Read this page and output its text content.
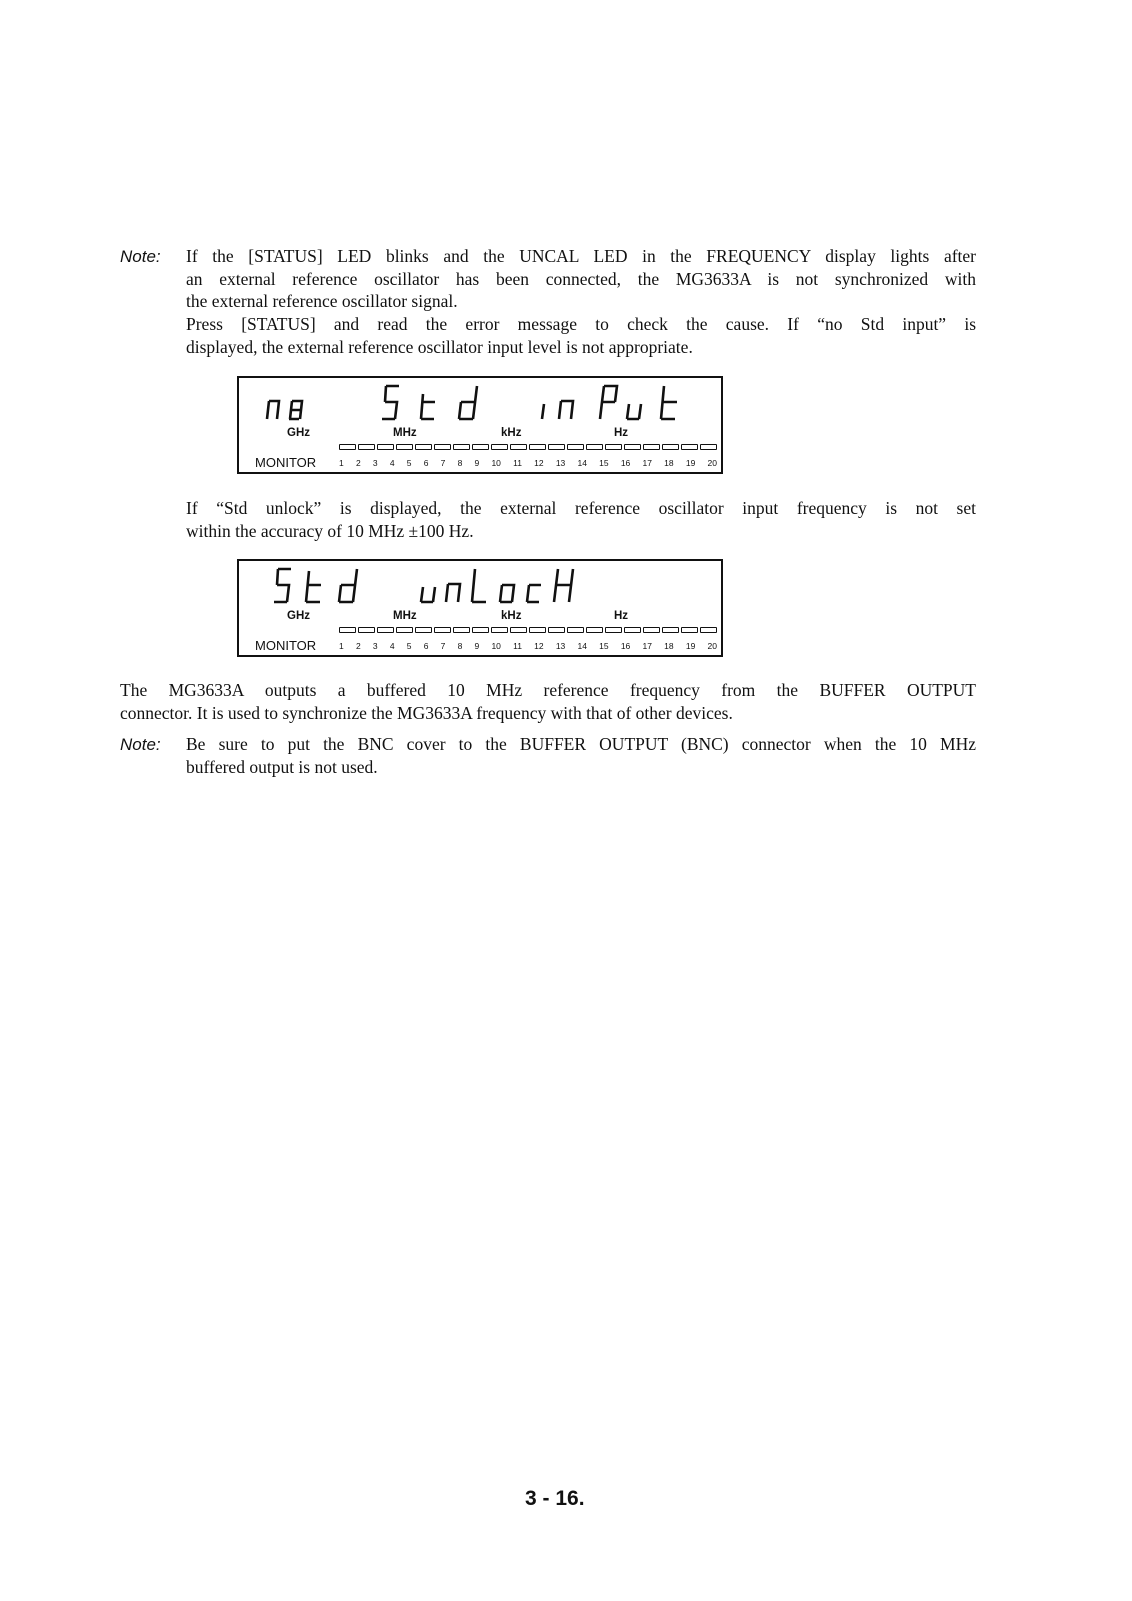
Note: If the [STATUS] LED blinks and the UNCAL LED in the FREQUENCY display lights after
an external reference oscillator has been connected, the MG3633A is not synchronized with
the external reference oscillator signal.
Press [STATUS] and read the error message to check the cause. If “no Std input” is
displayed, the external reference oscillator input level is not appropriate.
GHz	MHz	kHz	Hz
MONITOR	1 2 3 4 5 6 7 8 9 10 11 12 13 14 15 16 17 18 19 20
If “Std unlock” is displayed, the external reference oscillator input frequency is not set
within the accuracy of 10 MHz ±100 Hz.
GHz	MHz	kHz	Hz
MONITOR	1 2 3 4 5 6 7 8 9 10 11 12 13 14 15 16 17 18 19 20
The MG3633A outputs a buffered 10 MHz reference frequency from the BUFFER OUTPUT
connector. It is used to synchronize the MG3633A frequency with that of other devices.
Note: Be sure to put the BNC cover to the BUFFER OUTPUT (BNC) connector when the 10 MHz
buffered output is not used.
3 - 16.
